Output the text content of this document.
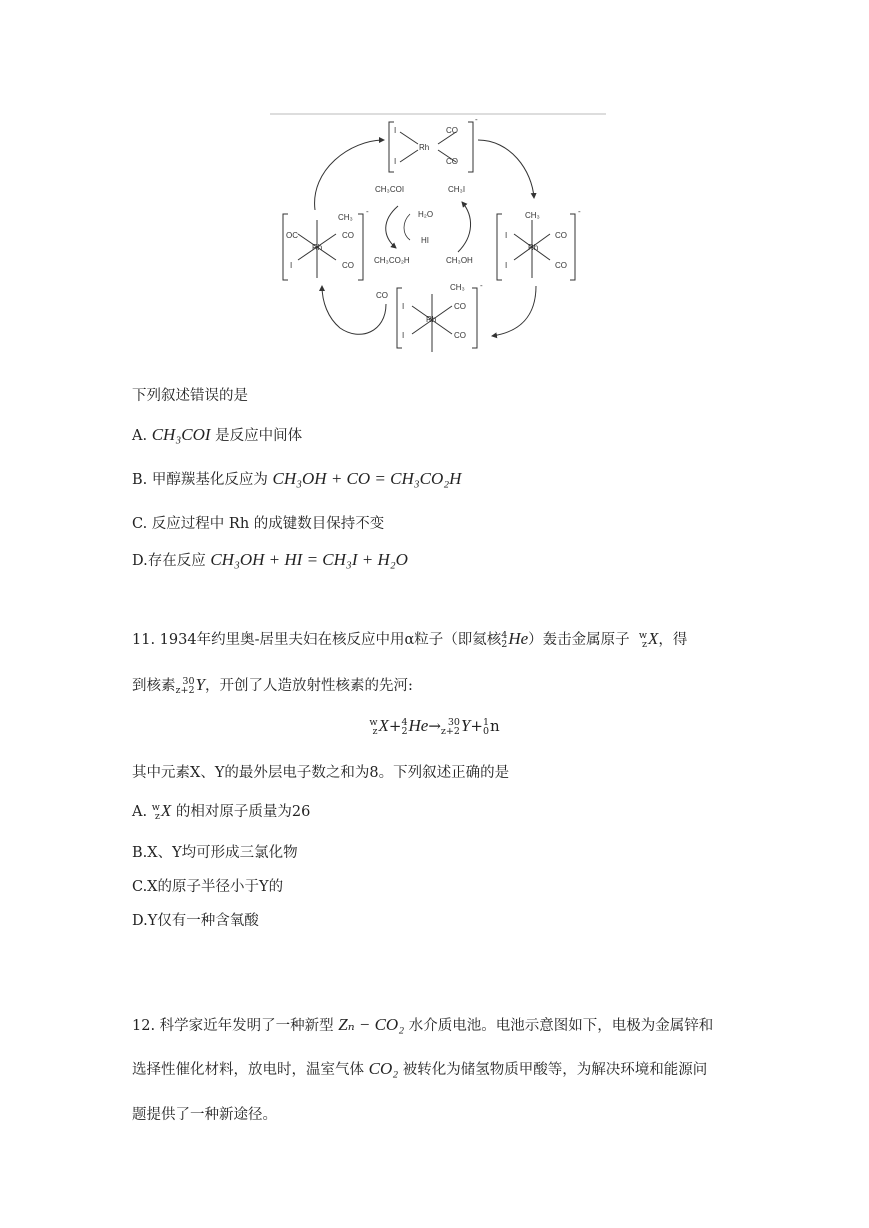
I
I
Rh
CO
CO
-
OC
CH₃
CO
Rh
I	CO
-	CH₃
I	CO
Rh
I	CO
-
CH₃
CO
I
Rh
I	CO
-
CO
CH₃COI	CH₃I
H₂O
HI
CH₃CO₂H	CH₃OH
下列叙述错误的是
A. CH₃COI 是反应中间体
B. 甲醇羰基化反应为 CH₃OH + CO = CH₃CO₂H
C. 反应过程中 Rh 的成键数目保持不变
D.存在反应 CH₃OH + HI = CH₃I + H₂O
11. 1934年约里奥-居里夫妇在核反应中用α粒子（即氦核 4
2 He）轰击金属原子 w
z X，得
到核素 30
z+2 Y，开创了人造放射性核素的先河:
w
z X+ 4
2 He→ 30
z+2 Y+ 1
0 n
其中元素X、Y的最外层电子数之和为8。下列叙述正确的是
A. w
z X 的相对原子质量为26
B.X、Y均可形成三氯化物
C.X的原子半径小于Y的
D.Y仅有一种含氧酸
12. 科学家近年发明了一种新型 Zₙ − CO₂ 水介质电池。电池示意图如下，电极为金属锌和
选择性催化材料，放电时，温室气体 CO₂ 被转化为储氢物质甲酸等，为解决环境和能源问
题提供了一种新途径。
